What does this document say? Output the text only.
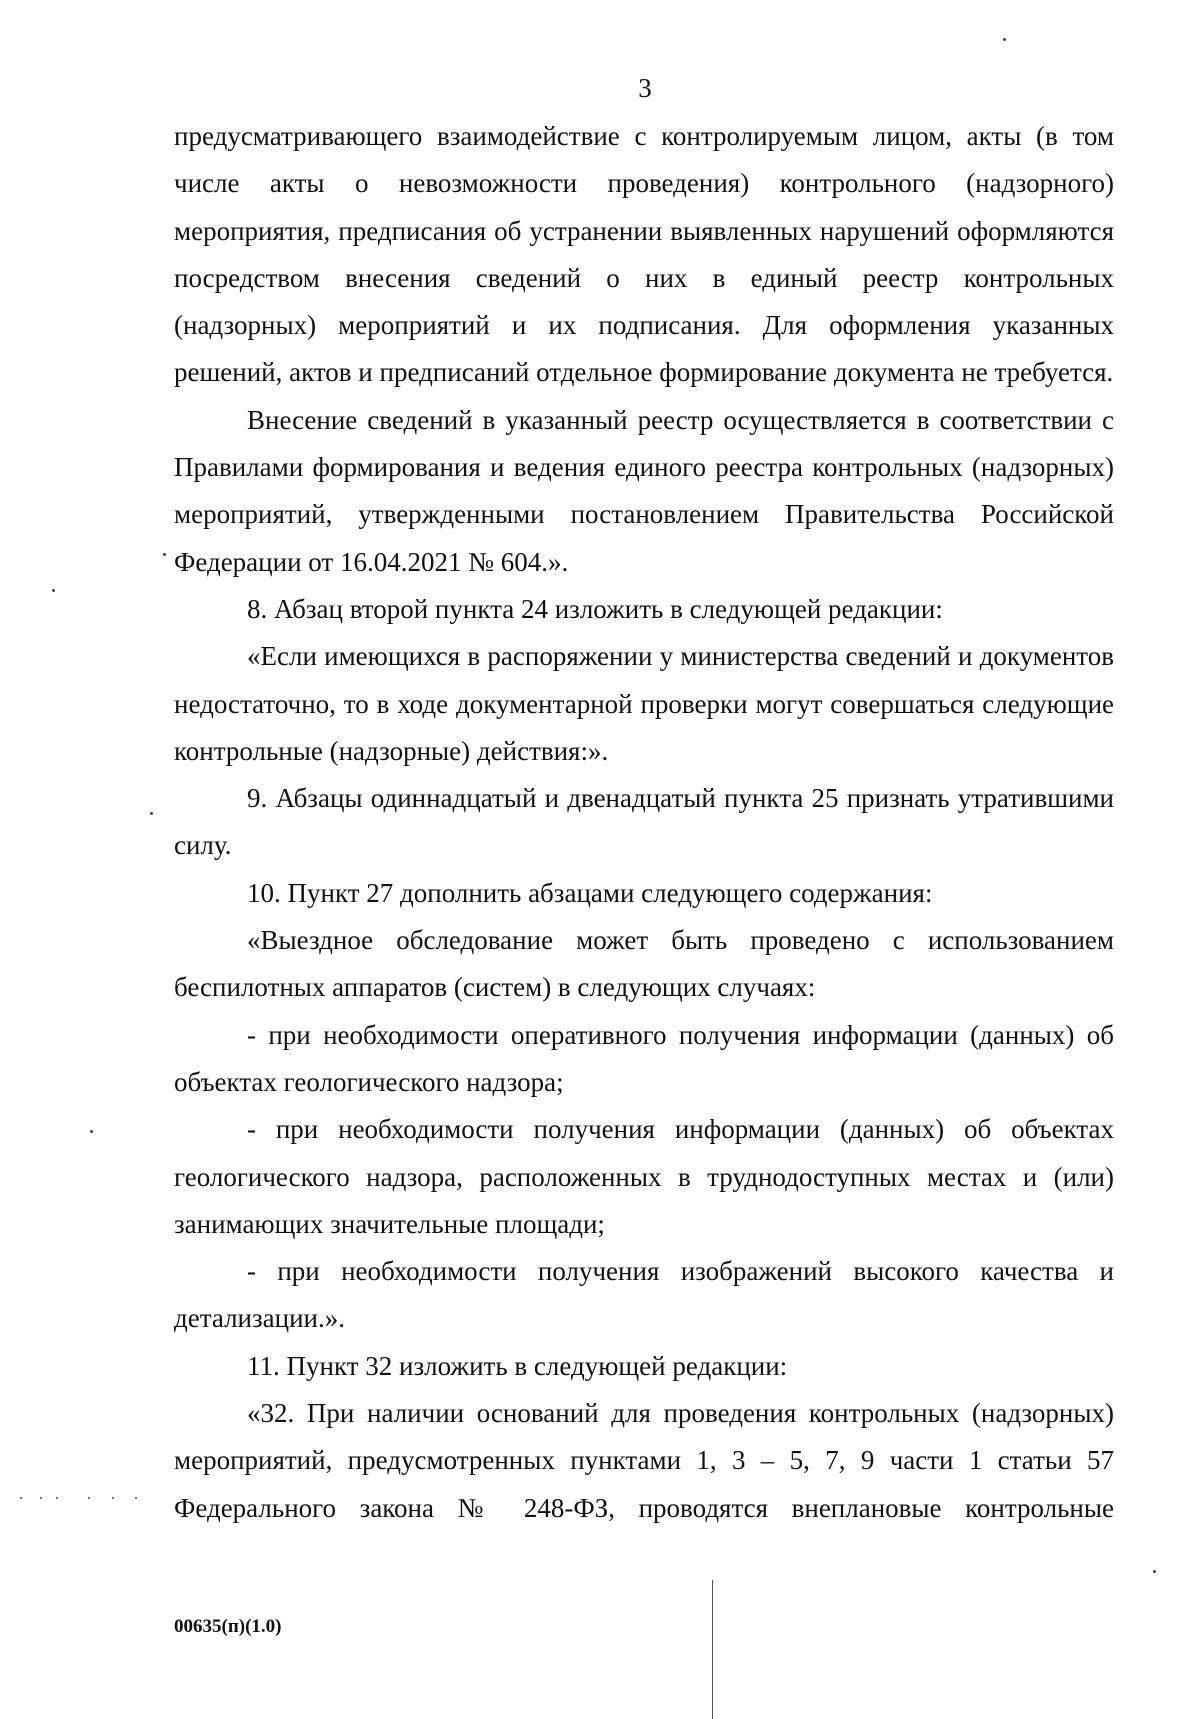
3

предусматривающего взаимодействие с контролируемым лицом, акты (в том числе акты о невозможности проведения) контрольного (надзорного) мероприятия, предписания об устранении выявленных нарушений оформляются посредством внесения сведений о них в единый реестр контрольных (надзорных) мероприятий и их подписания. Для оформления указанных решений, актов и предписаний отдельное формирование документа не требуется.

Внесение сведений в указанный реестр осуществляется в соответствии с Правилами формирования и ведения единого реестра контрольных (надзорных) мероприятий, утвержденными постановлением Правительства Российской Федерации от 16.04.2021 № 604.».

8. Абзац второй пункта 24 изложить в следующей редакции:

«Если имеющихся в распоряжении у министерства сведений и документов недостаточно, то в ходе документарной проверки могут совершаться следующие контрольные (надзорные) действия:».

9. Абзацы одиннадцатый и двенадцатый пункта 25 признать утратившими силу.

10. Пункт 27 дополнить абзацами следующего содержания:

«Выездное обследование может быть проведено с использованием беспилотных аппаратов (систем) в следующих случаях:

- при необходимости оперативного получения информации (данных) об объектах геологического надзора;

- при необходимости получения информации (данных) об объектах геологического надзора, расположенных в труднодоступных местах и (или) занимающих значительные площади;

- при необходимости получения изображений высокого качества и детализации.».

11. Пункт 32 изложить в следующей редакции:

«32. При наличии оснований для проведения контрольных (надзорных) мероприятий, предусмотренных пунктами 1, 3 – 5, 7, 9 части 1 статьи 57 Федерального закона № 248-ФЗ, проводятся внеплановые контрольные

00635(п)(1.0)
